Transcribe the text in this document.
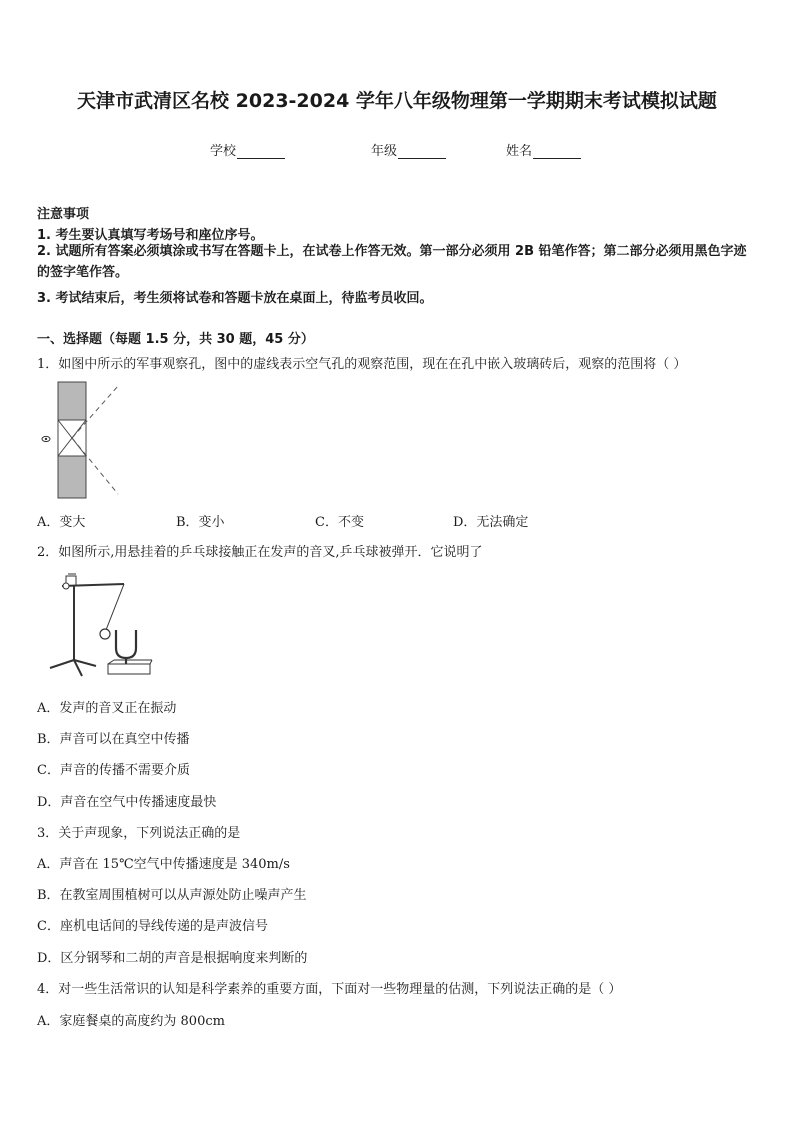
天津市武清区名校 2023-2024 学年八年级物理第一学期期末考试模拟试题
学校	年级	姓名
注意事项
1. 考生要认真填写考场号和座位序号。
2. 试题所有答案必须填涂或书写在答题卡上，在试卷上作答无效。第一部分必须用 2B 铅笔作答；第二部分必须用黑色字迹的签字笔作答。
3. 考试结束后，考生须将试卷和答题卡放在桌面上，待监考员收回。
一、选择题（每题 1.5 分，共 30 题，45 分）
1．如图中所示的军事观察孔，图中的虚线表示空气孔的观察范围，现在在孔中嵌入玻璃砖后，观察的范围将（ ）
A．变大	B．变小	C．不变	D．无法确定
2．如图所示,用悬挂着的乒乓球接触正在发声的音叉,乒乓球被弹开．它说明了
A．发声的音叉正在振动
B．声音可以在真空中传播
C．声音的传播不需要介质
D．声音在空气中传播速度最快
3．关于声现象，下列说法正确的是
A．声音在 15℃空气中传播速度是 340m/s
B．在教室周围植树可以从声源处防止噪声产生
C．座机电话间的导线传递的是声波信号
D．区分钢琴和二胡的声音是根据响度来判断的
4．对一些生活常识的认知是科学素养的重要方面，下面对一些物理量的估测，下列说法正确的是（ ）
A．家庭餐桌的高度约为 800cm
